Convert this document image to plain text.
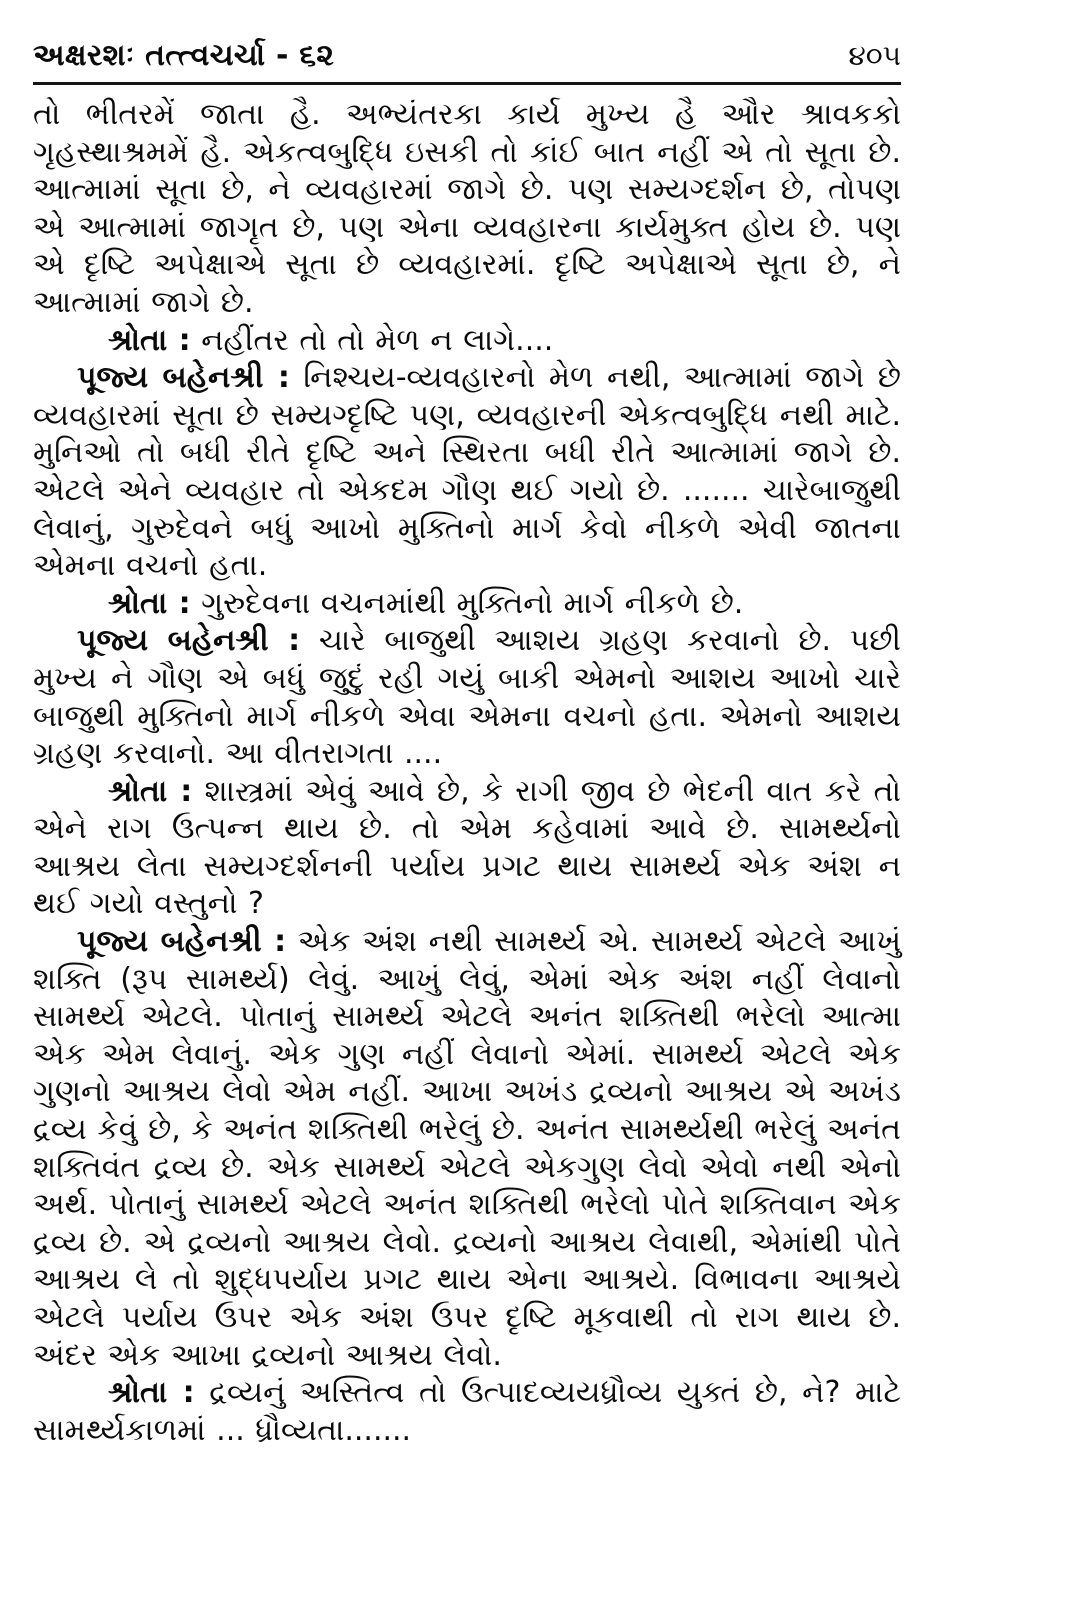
અક્ષરશઃ તત્ત્વચર્ચા - ૬૨	૪૦૫

તો ભીતરમેં જાતા હૈ. અભ્યંતરકા કાર્ય મુખ્ય હૈ ઔર શ્રાવકકો ગૃહસ્થાશ્રમમેં હૈ. એકત્વબુદ્ધિ ઇસકી તો કાંઈ બાત નહીં એ તો સૂતા છે. આત્મામાં સૂતા છે, ને વ્યવહારમાં જાગે છે. પણ સમ્યગ્દર્શન છે, તોપણ એ આત્મામાં જાગૃત છે, પણ એના વ્યવહારના કાર્યમુક્ત હોય છે. પણ એ દૃષ્ટિ અપેક્ષાએ સૂતા છે વ્યવહારમાં. દૃષ્ટિ અપેક્ષાએ સૂતા છે, ને આત્મામાં જાગે છે.

શ્રોતા : નહીંતર તો તો મેળ ન લાગે....

પૂજ્ય બહેનશ્રી : નિશ્ચય-વ્યવહારનો મેળ નથી, આત્મામાં જાગે છે વ્યવહારમાં સૂતા છે સમ્યગ્દૃષ્ટિ પણ, વ્યવહારની એકત્વબુદ્ધિ નથી માટે. મુનિઓ તો બધી રીતે દૃષ્ટિ અને સ્થિરતા બધી રીતે આત્મામાં જાગે છે. એટલે એને વ્યવહાર તો એકદમ ગૌણ થઈ ગયો છે. ....... ચારેબાજુથી લેવાનું, ગુરુદેવને બધું આખો મુક્તિનો માર્ગ કેવો નીકળે એવી જાતના એમના વચનો હતા.

શ્રોતા : ગુરુદેવના વચનમાંથી મુક્તિનો માર્ગ નીકળે છે.

પૂજ્ય બહેનશ્રી : ચારે બાજુથી આશય ગ્રહણ કરવાનો છે. પછી મુખ્ય ને ગૌણ એ બધું જુદું રહી ગયું બાકી એમનો આશય આખો ચારે બાજુથી મુક્તિનો માર્ગ નીકળે એવા એમના વચનો હતા. એમનો આશય ગ્રહણ કરવાનો. આ વીતરાગતા ....

શ્રોતા : શાસ્ત્રમાં એવું આવે છે, કે રાગી જીવ છે ભેદની વાત કરે તો એને રાગ ઉત્પન્ન થાય છે. તો એમ કહેવામાં આવે છે. સામર્થ્યનો આશ્રય લેતા સમ્યગ્દર્શનની પર્યાય પ્રગટ થાય સામર્થ્ય એક અંશ ન થઈ ગયો વસ્તુનો ?

પૂજ્ય બહેનશ્રી : એક અંશ નથી સામર્થ્ય એ. સામર્થ્ય એટલે આખું શક્તિ (રૂપ સામર્થ્ય) લેવું. આખું લેવું, એમાં એક અંશ નહીં લેવાનો સામર્થ્ય એટલે. પોતાનું સામર્થ્ય એટલે અનંત શક્તિથી ભરેલો આત્મા એક એમ લેવાનું. એક ગુણ નહીં લેવાનો એમાં. સામર્થ્ય એટલે એક ગુણનો આશ્રય લેવો એમ નહીં. આખા અખંડ દ્રવ્યનો આશ્રય એ અખંડ દ્રવ્ય કેવું છે, કે અનંત શક્તિથી ભરેલું છે. અનંત સામર્થ્યથી ભરેલું અનંત શક્તિવંત દ્રવ્ય છે. એક સામર્થ્ય એટલે એકગુણ લેવો એવો નથી એનો અર્થ. પોતાનું સામર્થ્ય એટલે અનંત શક્તિથી ભરેલો પોતે શક્તિવાન એક દ્રવ્ય છે. એ દ્રવ્યનો આશ્રય લેવો. દ્રવ્યનો આશ્રય લેવાથી, એમાંથી પોતે આશ્રય લે તો શુદ્ધપર્યાય પ્રગટ થાય એના આશ્રયે. વિભાવના આશ્રયે એટલે પર્યાય ઉપર એક અંશ ઉપર દૃષ્ટિ મૂકવાથી તો રાગ થાય છે. અંદર એક આખા દ્રવ્યનો આશ્રય લેવો.

શ્રોતા : દ્રવ્યનું અસ્તિત્વ તો ઉત્પાદવ્યયધ્રૌવ્ય યુક્તં છે, ને? માટે સામર્થ્યકાળમાં ... ધ્રૌવ્યતા.......
